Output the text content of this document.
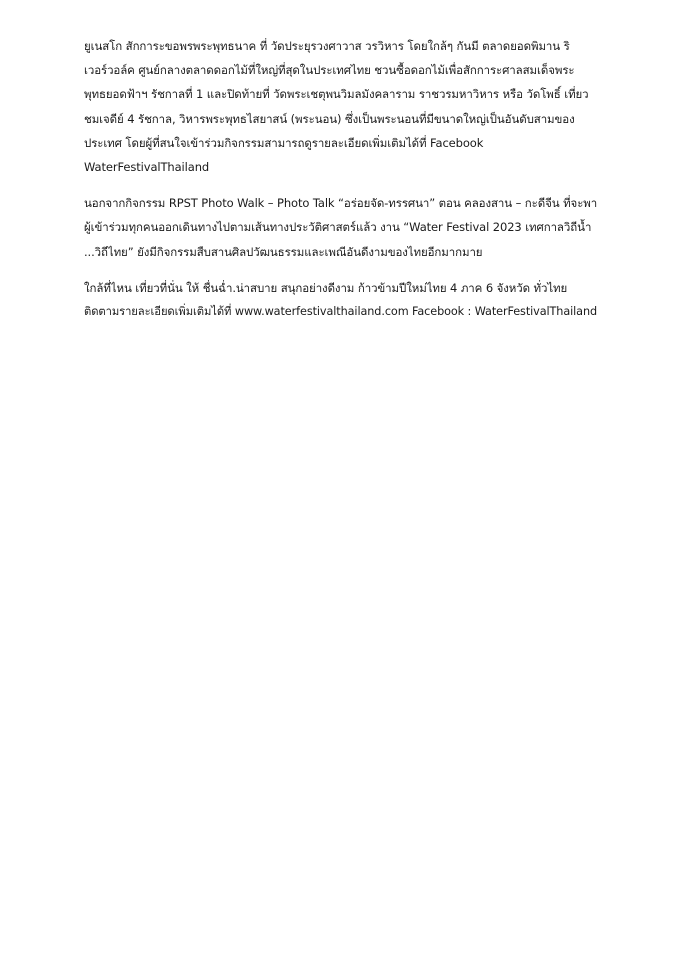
ยูเนสโก สักการะขอพรพระพุทธนาค ที่ วัดประยุรวงศาวาส วรวิหาร โดยใกล้ๆ กันมี ตลาดยอดพิมาน ริ
เวอร์วอล์ค ศูนย์กลางตลาดดอกไม้ที่ใหญ่ที่สุดในประเทศไทย ชวนซื้อดอกไม้เพื่อสักการะศาลสมเด็จพระ
พุทธยอดฟ้าฯ รัชกาลที่ 1 และปิดท้ายที่ วัดพระเชตุพนวิมลมังคลาราม ราชวรมหาวิหาร หรือ วัดโพธิ์ เที่ยว
ชมเจดีย์ 4 รัชกาล, วิหารพระพุทธไสยาสน์ (พระนอน) ซึ่งเป็นพระนอนที่มีขนาดใหญ่เป็นอันดับสามของ
ประเทศ โดยผู้ที่สนใจเข้าร่วมกิจกรรมสามารถดูรายละเอียดเพิ่มเติมได้ที่ Facebook
WaterFestivalThailand

นอกจากกิจกรรม RPST Photo Walk – Photo Talk “อร่อยจัด-ทรรศนา” ตอน คลองสาน – กะดีจีน ที่จะพา
ผู้เข้าร่วมทุกคนออกเดินทางไปตามเส้นทางประวัติศาสตร์แล้ว งาน “Water Festival 2023 เทศกาลวิถีน้ำ
...วิถีไทย” ยังมีกิจกรรมสืบสานศิลปวัฒนธรรมและเพณีอันดีงามของไทยอีกมากมาย

ใกล้ที่ไหน เที่ยวที่นั่น ให้ ชื่นฉ่ำ.น่าสบาย สนุกอย่างดีงาม ก้าวข้ามปีใหม่ไทย 4 ภาค 6 จังหวัด ทั่วไทย
ติดตามรายละเอียดเพิ่มเติมได้ที่ www.waterfestivalthailand.com Facebook : WaterFestivalThailand
